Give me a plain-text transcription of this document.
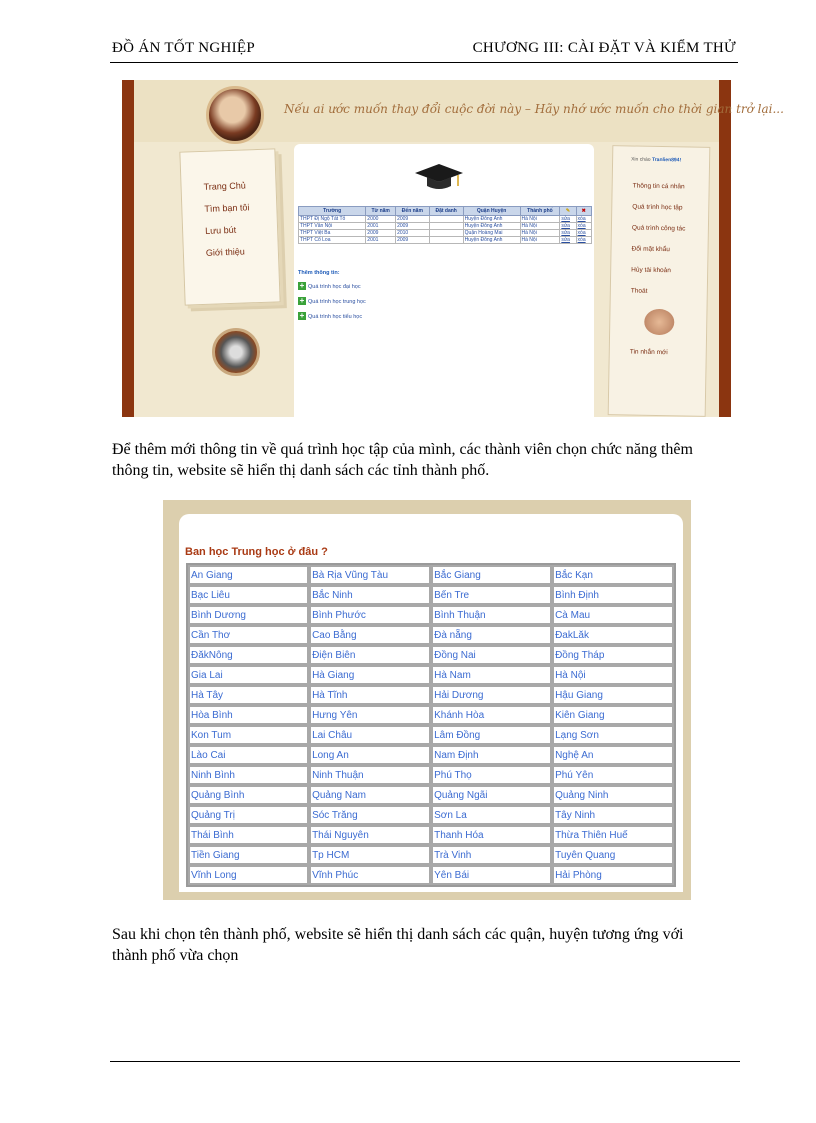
ĐỒ ÁN TỐT NGHIỆP	CHƯƠNG III: CÀI ĐẶT VÀ KIỂM THỬ
Nếu ai ước muốn thay đổi cuộc đời này – Hãy nhớ ước muốn cho thời gian trở lại...
Trang Chủ
Tìm bạn tôi
Lưu bút
Giới thiệu
Trường	Từ năm	Đến năm	Đặt danh	Quận Huyện	Thành phố	✎	✖
THPT Đị Ngộ Tất Tố	2000	2009		Huyện Đông Anh	Hà Nội	sửa	xóa
THPT Vân Nội	2001	2009		Huyện Đông Anh	Hà Nội	sửa	xóa
THPT Việt Ba	2009	2010		Quận Hoàng Mai	Hà Nội	sửa	xóa
THPT Cổ Loa	2001	2009		Huyện Đông Anh	Hà Nội	sửa	xóa
Thêm thông tin:
+ Quá trình học đại học
+ Quá trình học trung học
+ Quá trình học tiểu học
Xin chào Tranlien894!
Thông tin cá nhân
Quá trình học tập
Quá trình công tác
Đổi mật khẩu
Hủy tài khoản
Thoát
Tin nhắn mới
Để thêm mới thông tin về quá trình học tập của mình, các thành viên chọn chức năng thêm thông tin, website sẽ hiển thị danh sách các tỉnh thành phố.
Ban học Trung học ở đâu ?
An Giang	Bà Rịa Vũng Tàu	Bắc Giang	Bắc Kạn
Bạc Liêu	Bắc Ninh	Bến Tre	Bình Định
Bình Dương	Bình Phước	Bình Thuận	Cà Mau
Cần Thơ	Cao Bằng	Đà nẵng	ĐakLăk
ĐăkNông	Điện Biên	Đồng Nai	Đồng Tháp
Gia Lai	Hà Giang	Hà Nam	Hà Nội
Hà Tây	Hà Tĩnh	Hải Dương	Hậu Giang
Hòa Bình	Hưng Yên	Khánh Hòa	Kiên Giang
Kon Tum	Lai Châu	Lâm Đồng	Lạng Sơn
Lào Cai	Long An	Nam Định	Nghệ An
Ninh Bình	Ninh Thuận	Phú Thọ	Phú Yên
Quảng Bình	Quảng Nam	Quảng Ngãi	Quảng Ninh
Quảng Trị	Sóc Trăng	Sơn La	Tây Ninh
Thái Bình	Thái Nguyên	Thanh Hóa	Thừa Thiên Huế
Tiền Giang	Tp HCM	Trà Vinh	Tuyên Quang
Vĩnh Long	Vĩnh Phúc	Yên Bái	Hải Phòng
Sau khi chọn tên thành phố, website sẽ hiển thị danh sách các quận, huyện tương ứng với thành phố vừa chọn
